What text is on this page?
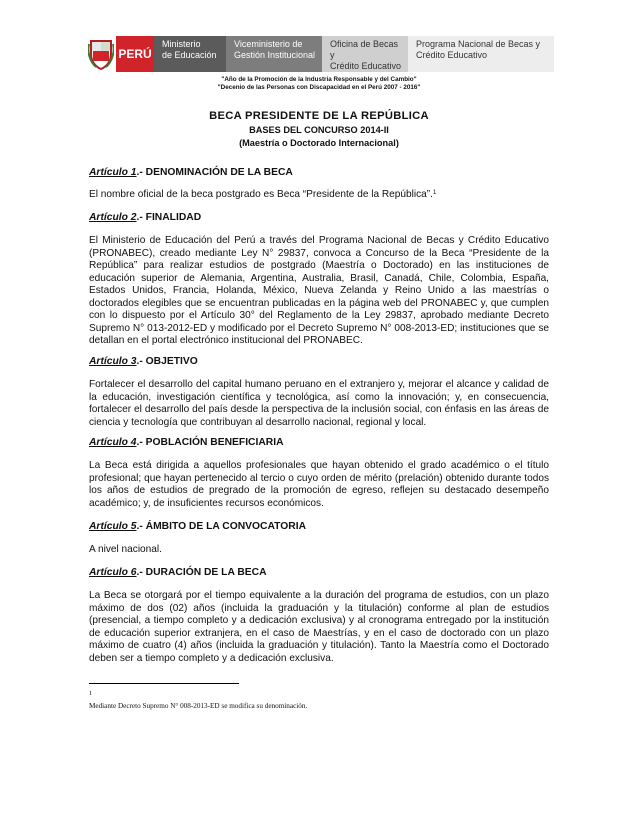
PERÚ
Ministerio
de Educación
Viceministerio de
Gestión Institucional
Oficina de Becas y
Crédito Educativo
Programa Nacional de Becas y
Crédito Educativo
"Año de la Promoción de la Industria Responsable y del Cambio"
"Decenio de las Personas con Discapacidad en el Perú 2007 - 2016"
BECA PRESIDENTE DE LA REPÚBLICA
BASES DEL CONCURSO 2014-II
(Maestría o Doctorado Internacional)
Artículo 1.- DENOMINACIÓN DE LA BECA
El nombre oficial de la beca postgrado es Beca “Presidente de la República”.$^1$
Artículo 2.- FINALIDAD
El Ministerio de Educación del Perú a través del Programa Nacional de Becas y Crédito Educativo (PRONABEC), creado mediante Ley N° 29837, convoca a Concurso de la Beca “Presidente de la República” para realizar estudios de postgrado (Maestría o Doctorado) en las instituciones de educación superior de Alemania, Argentina, Australia, Brasil, Canadá, Chile, Colombia, España, Estados Unidos, Francia, Holanda, México, Nueva Zelanda y Reino Unido a las maestrías o doctorados elegibles que se encuentran publicadas en la página web del PRONABEC y, que cumplen con lo dispuesto por el Artículo 30° del Reglamento de la Ley 29837, aprobado mediante Decreto Supremo N° 013-2012-ED y modificado por el Decreto Supremo N° 008-2013-ED; instituciones que se detallan en el portal electrónico institucional del PRONABEC.
Artículo 3.- OBJETIVO
Fortalecer el desarrollo del capital humano peruano en el extranjero y, mejorar el alcance y calidad de la educación, investigación científica y tecnológica, así como la innovación; y, en consecuencia, fortalecer el desarrollo del país desde la perspectiva de la inclusión social, con énfasis en las áreas de ciencia y tecnología que contribuyan al desarrollo nacional, regional y local.
Artículo 4.- POBLACIÓN BENEFICIARIA
La Beca está dirigida a aquellos profesionales que hayan obtenido el grado académico o el título profesional; que hayan pertenecido al tercio o cuyo orden de mérito (prelación) obtenido durante todos los años de estudios de pregrado de la promoción de egreso, reflejen su destacado desempeño académico; y, de insuficientes recursos económicos.
Artículo 5.- ÁMBITO DE LA CONVOCATORIA
A nivel nacional.
Artículo 6.- DURACIÓN DE LA BECA
La Beca se otorgará por el tiempo equivalente a la duración del programa de estudios, con un plazo máximo de dos (02) años (incluida la graduación y la titulación) conforme al plan de estudios (presencial, a tiempo completo y a dedicación exclusiva) y al cronograma entregado por la institución de educación superior extranjera, en el caso de Maestrías, y en el caso de doctorado con un plazo máximo de cuatro (4) años (incluida la graduación y titulación). Tanto la Maestría como el Doctorado deben ser a tiempo completo y a dedicación exclusiva.
1
Mediante Decreto Supremo N° 008-2013-ED se modifica su denominación.
